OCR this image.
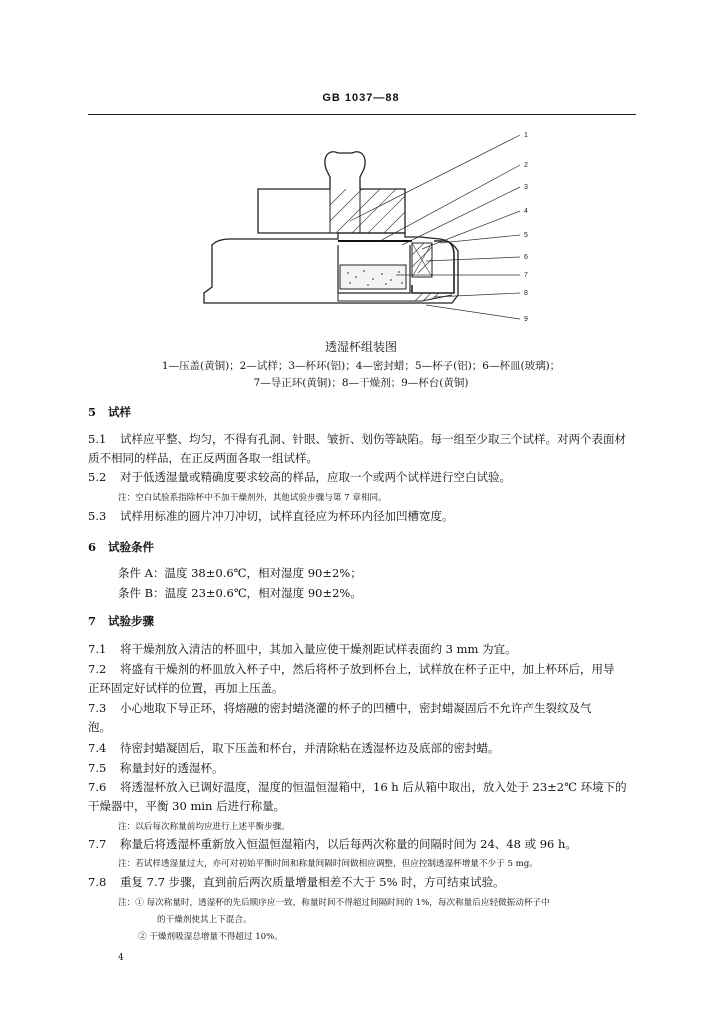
GB 1037—88
1
2
3
4
5
6
7
8
9
透湿杯组装图
1—压盖(黄铜)；2—试样；3—杯环(铝)；4—密封蜡；5—杯子(铝)；6—杯皿(玻璃)；
7—导正环(黄铜)；8—干燥剂；9—杯台(黄铜)
5 试样
5.1 试样应平整、均匀，不得有孔洞、针眼、皱折、划伤等缺陷。每一组至少取三个试样。对两个表面材
质不相同的样品，在正反两面各取一组试样。
5.2 对于低透湿量或精确度要求较高的样品，应取一个或两个试样进行空白试验。
注：空白试验系指除杯中不加干燥剂外，其他试验步骤与第 7 章相同。
5.3 试样用标准的圆片冲刀冲切，试样直径应为杯环内径加凹槽宽度。
6 试验条件
条件 A：温度 38±0.6℃，相对湿度 90±2%；
条件 B：温度 23±0.6℃，相对湿度 90±2%。
7 试验步骤
7.1 将干燥剂放入清洁的杯皿中，其加入量应使干燥剂距试样表面约 3 mm 为宜。
7.2 将盛有干燥剂的杯皿放入杯子中，然后将杯子放到杯台上，试样放在杯子正中，加上杯环后，用导
正环固定好试样的位置，再加上压盖。
7.3 小心地取下导正环，将熔融的密封蜡浇灌的杯子的凹槽中，密封蜡凝固后不允许产生裂纹及气
泡。
7.4 待密封蜡凝固后，取下压盖和杯台，并清除粘在透湿杯边及底部的密封蜡。
7.5 称量封好的透湿杯。
7.6 将透湿杯放入已调好温度，湿度的恒温恒湿箱中，16 h 后从箱中取出，放入处于 23±2℃ 环境下的
干燥器中，平衡 30 min 后进行称量。
注：以后每次称量前均应进行上述平衡步骤。
7.7 称量后将透湿杯重新放入恒温恒湿箱内，以后每两次称量的间隔时间为 24、48 或 96 h。
注：若试样透湿量过大，亦可对初始平衡时间和称量间隔时间做相应调整，但应控制透湿杯增量不少于 5 mg。
7.8 重复 7.7 步骤，直到前后两次质量增量相差不大于 5% 时，方可结束试验。
注：① 每次称量时，透湿杯的先后顺序应一致，称量时间不得超过间隔时间的 1%，每次称量后应轻微振动杯子中
的干燥剂使其上下混合。
② 干燥剂吸湿总增量不得超过 10%。
4
